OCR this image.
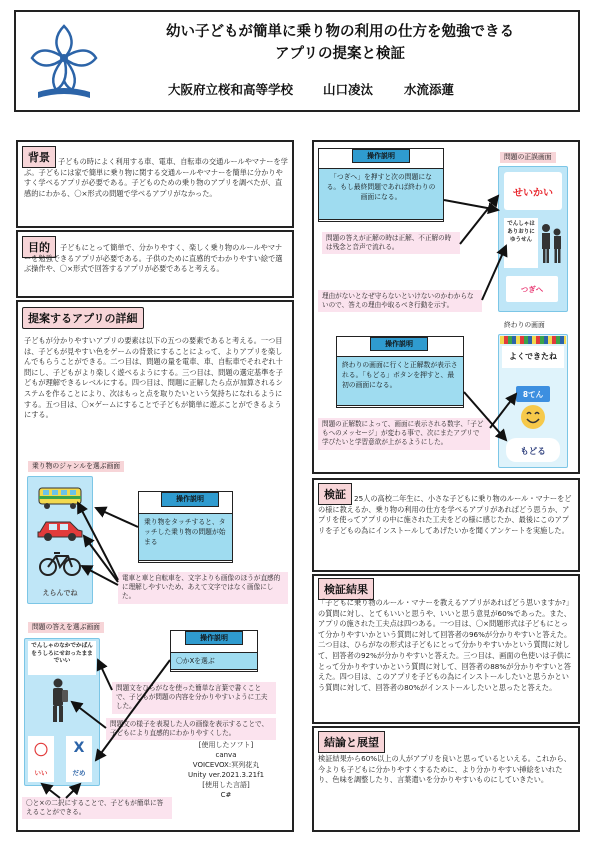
幼い子どもが簡単に乗り物の利用の仕方を勉強できる
アプリの提案と検証
大阪府立桜和高等学校 山口凌汰 水流添蓮
背景	子どもの時によく利用する車、電車、自転車の交通ルールやマナーを学ぶ。子どもには家で簡単に乗り物に関する交通ルールやマナーを簡単に分かりやすく学べるアプリが必要である。子どものための乗り物のアプリを調べたが、直感的にわかる、〇×形式の問題で学べるアプリがなかった。
目的	子どもにとって簡単で、分かりやすく、楽しく乗り物のルールやマナーを勉強できるアプリが必要である。子供のために直感的でわかりやすい絵で選ぶ操作や、〇×形式で回答するアプリが必要であると考える。
提案するアプリの詳細
子どもが分かりやすいアプリの要素は以下の五つの要素であると考える。一つ目は、子どもが見やすい色をゲームの背景にすることによって、よりアプリを楽しんでもらうことができる。二つ目は、問題の量を電車、車、自転車でそれぞれ十問にし、子どもがより楽しく遊べるようにする。三つ目は、問題の選定基準を子どもが理解できるレベルにする。四つ目は、問題に正解したら点が加算されるシステムを作ることにより、次はもっと点を取りたいという気持ちになれるようにする。五つ目は、〇×ゲームにすることで子どもが簡単に遊ぶことができるようにする。
乗り物のジャンルを選ぶ画面
えらんでね
操作説明
乗り物をタッチすると、タッチした乗り物の問題が始まる
電車と車と自転車を、文字よりも画像のほうが直感的に理解しやすいため、あえて文字ではなく画像にした。
問題の答えを選ぶ画面
でんしゃのなかでかばんをうしろにせおったままでいい
〇
いい
X
だめ
操作説明
〇かXを選ぶ
問題文をひらがなを使った簡単な言葉で書くことで、子どもが問題の内容を分かりやすいように工夫した。
問題文の様子を表現した人の画像を表示することで、子どもにより直感的にわかりやすくした。
〇と×の二択にすることで、子どもが簡単に答えることができる。
[使用したソフト]
canva
VOICEVOX:冥列花丸
Unity ver.2021.3.21f1
[使用した言語]
C#
操作説明
「つぎへ」を押すと次の問題になる。もし最終問題であれば終わりの画面になる。
問題の正誤画面
せいかい
でんしゃは ありおりに ゆうせん
つぎへ
問題の答えが正解の時は正解、不正解の時は残念と音声で流れる。
理由がないとなぜ守らないといけないのかわからないので、答えの理由や取るべき行動を示す。
終わりの画面
よくできたね
8てん
もどる
操作説明
終わりの画面に行くと正解数が表示される。「もどる」ボタンを押すと、最初の画面になる。
問題の正解数によって、画面に表示される数字、「子どもへのメッセージ」が変わる事で、次にまたアプリで学びたいと学習意欲が上がるようにした。
検証	25人の高校二年生に、小さな子どもに乗り物のルール・マナーをどの様に教えるか、乗り物の利用の仕方を学べるアプリがあればどう思うか、アプリを使ってアプリの中に施された工夫をどの様に感じたか、最後にこのアプリを子どもの為にインストールしてあげたいかを聞くアンケートを実施した。
検証結果
「子どもに乗り物のルール・マナーを教えるアプリがあればどう思いますか?」の質問に対し、とてもいいと思うや、いいと思う意見が60%であった。また、アプリの施された工夫点は四つある。一つ目は、〇×問題形式は子どもにとって分かりやすいかという質問に対して回答者の96%が分かりやすいと答えた。二つ目は、ひらがなの形式は子どもにとって分かりやすいかという質問に対して、回答者の92%が分かりやすいと答えた。三つ目は、画面の色使いは子供にとって分かりやすいかという質問に対して、回答者の88%が分かりやすいと答えた。四つ目は、このアプリを子どもの為にインストールしたいと思うかという質問に対して、回答者の80%がインストールしたいと思ったと答えた。
結論と展望
検証結果から60%以上の人がアプリを良いと思っているといえる。これから、今よりも子どもに分かりやすくするために、より分かりやすい挿絵をいれたり、色味を調整したり、言葉遣いを分かりやすいものにしていきたい。
